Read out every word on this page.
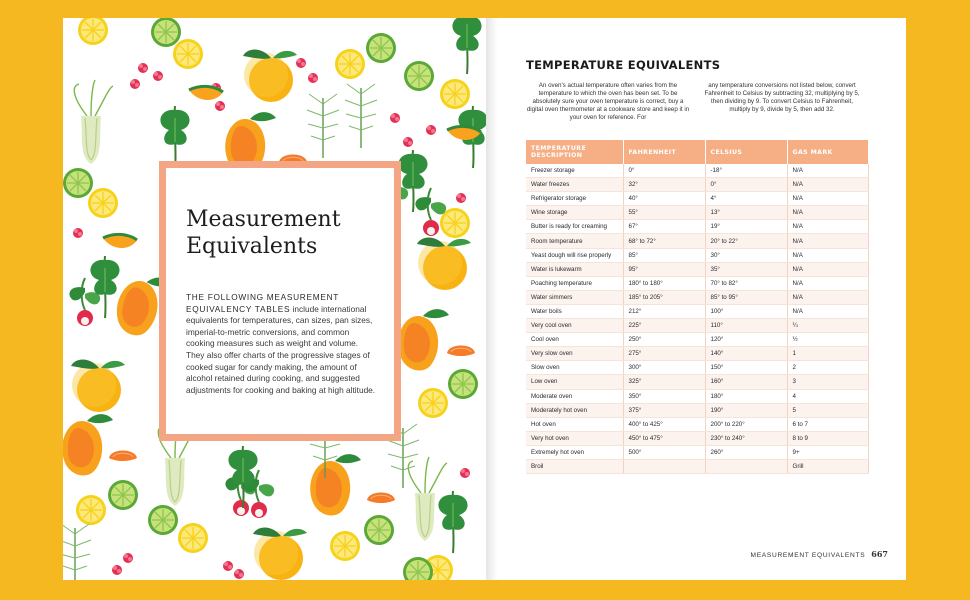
Measurement
Equivalents

THE FOLLOWING MEASUREMENT EQUIVALENCY TABLES include international equivalents for temperatures, can sizes, pan sizes, imperial-to-metric conversions, and common cooking measures such as weight and volume. They also offer charts of the progressive stages of cooked sugar for candy making, the amount of alcohol retained during cooking, and suggested adjustments for cooking and baking at high altitude.

TEMPERATURE EQUIVALENTS

An oven's actual temperature often varies from the temperature to which the oven has been set. To be absolutely sure your oven temperature is correct, buy a digital oven thermometer at a cookware store and keep it in your oven for reference. For

any temperature conversions not listed below, convert Fahrenheit to Celsius by subtracting 32, multiplying by 5, then dividing by 9. To convert Celsius to Fahrenheit, multiply by 9, divide by 5, then add 32.

TEMPERATURE DESCRIPTION	FAHRENHEIT	CELSIUS	GAS MARK
Freezer storage	0°	-18°	N/A
Water freezes	32°	0°	N/A
Refrigerator storage	40°	4°	N/A
Wine storage	55°	13°	N/A
Butter is ready for creaming	67°	19°	N/A
Room temperature	68° to 72°	20° to 22°	N/A
Yeast dough will rise properly	85°	30°	N/A
Water is lukewarm	95°	35°	N/A
Poaching temperature	180° to 180°	70° to 82°	N/A
Water simmers	185° to 205°	85° to 95°	N/A
Water boils	212°	100°	N/A
Very cool oven	225°	110°	¼
Cool oven	250°	120°	½
Very slow oven	275°	140°	1
Slow oven	300°	150°	2
Low oven	325°	160°	3
Moderate oven	350°	180°	4
Moderately hot oven	375°	190°	5
Hot oven	400° to 425°	200° to 220°	6 to 7
Very hot oven	450° to 475°	230° to 240°	8 to 9
Extremely hot oven	500°	260°	9+
Broil			Grill
MEASUREMENT EQUIVALENTS 667
